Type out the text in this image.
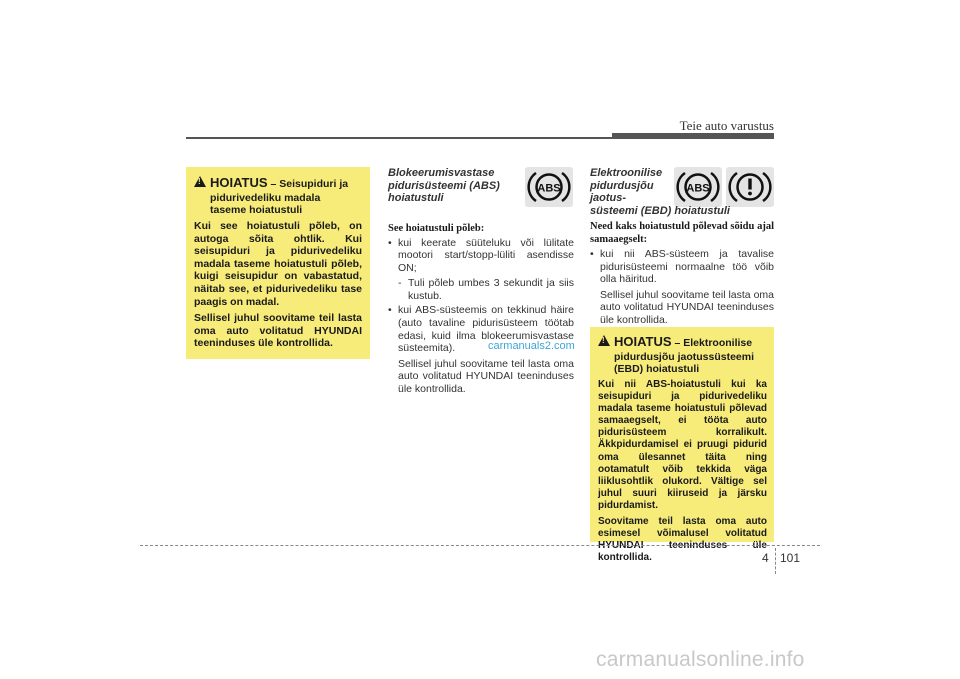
Teie auto varustus
!
HOIATUS – Seisupiduri ja
pidurivedeliku madala
taseme hoiatustuli

Kui see hoiatustuli põleb, on autoga sõita ohtlik. Kui seisupiduri ja pidurivedeliku madala taseme hoiatustuli põleb, kuigi seisupidur on vabastatud, näitab see, et pidurivedeliku tase paagis on madal.

Sellisel juhul soovitame teil lasta oma auto volitatud HYUNDAI teeninduses üle kontrollida.

ABS
Blokeerumisvastase
pidurisüsteemi (ABS)
hoiatustuli
See hoiatustuli põleb:
• kui keerate süüteluku või lülitate mootori start/stopp-lüliti asendisse ON;
- Tuli põleb umbes 3 sekundit ja siis kustub.
• kui ABS-süsteemis on tekkinud häire (auto tavaline pidurisüsteem töötab edasi, kuid ilma blokeerumisvastase süsteemita).
Sellisel juhul soovitame teil lasta oma auto volitatud HYUNDAI teeninduses üle kontrollida.
ABS
Elektroonilise
pidurdusjõu
jaotus-
süsteemi (EBD) hoiatustuli
Need kaks hoiatustuld põlevad sõidu ajal samaaegselt:
• kui nii ABS-süsteem ja tavalise pidurisüsteemi normaalne töö võib olla häiritud.
Sellisel juhul soovitame teil lasta oma auto volitatud HYUNDAI teeninduses üle kontrollida.
!
HOIATUS – Elektroonilise
pidurdusjõu jaotussüsteemi
(EBD) hoiatustuli

Kui nii ABS-hoiatustuli kui ka seisupiduri ja pidurivedeliku madala taseme hoiatustuli põlevad samaaegselt, ei tööta auto pidurisüsteem korralikult. Äkkpidurdamisel ei pruugi pidurid oma ülesannet täita ning ootamatult võib tekkida väga liiklusohtlik olukord. Vältige sel juhul suuri kiiruseid ja järsku pidurdamist.

Soovitame teil lasta oma auto esimesel võimalusel volitatud HYUNDAI teeninduses üle kontrollida.

carmanuals2.com
4 101
carmanualsonline.info
